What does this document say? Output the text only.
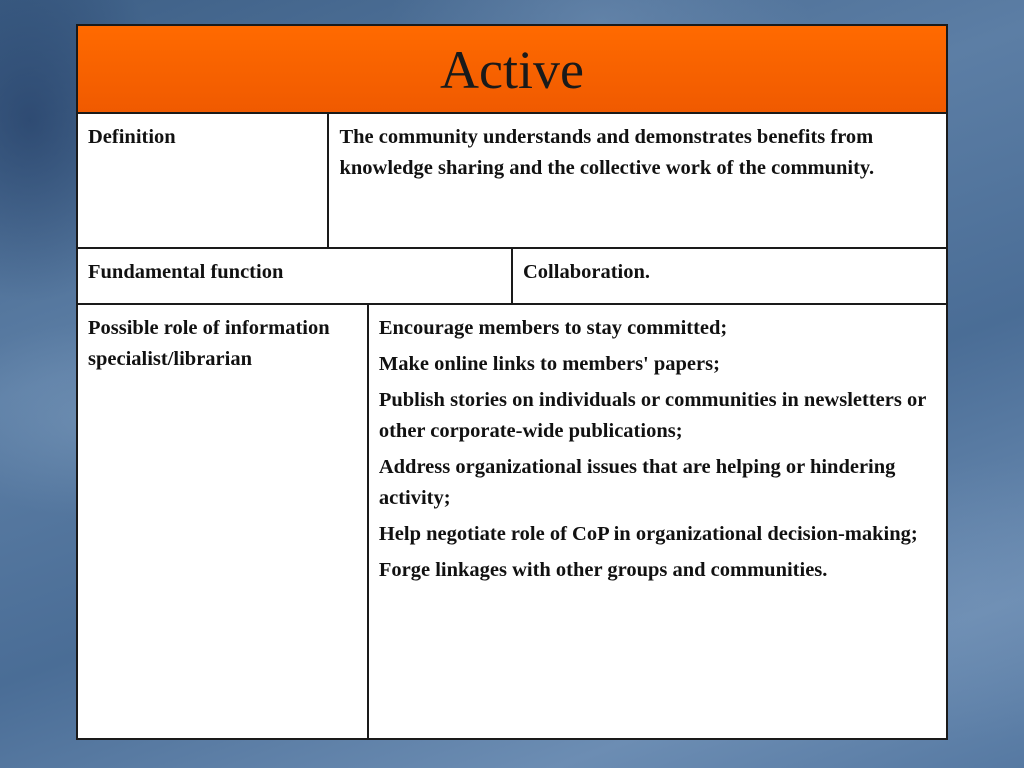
Active
Definition	The community understands and demonstrates benefits from knowledge sharing and the collective work of the community.
Fundamental function	Collaboration.
Possible role of information specialist/librarian
Encourage members to stay committed;
Make online links to members' papers;
Publish stories on individuals or communities in newsletters or other corporate-wide publications;
Address organizational issues that are helping or hindering activity;
Help negotiate role of CoP in organizational decision-making;
Forge linkages with other groups and communities.
